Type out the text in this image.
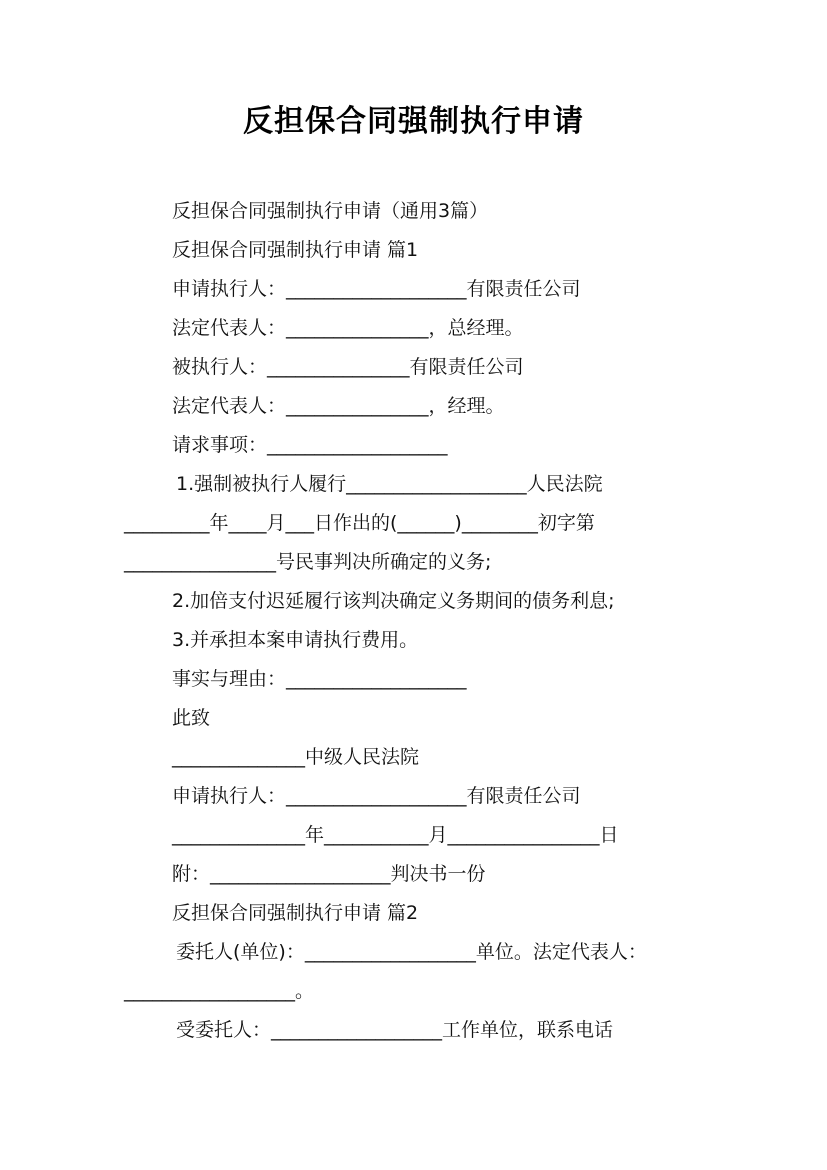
反担保合同强制执行申请
反担保合同强制执行申请（通用3篇）
反担保合同强制执行申请 篇1
申请执行人：___________________有限责任公司
法定代表人：_______________，总经理。
被执行人：_______________有限责任公司
法定代表人：_______________，经理。
请求事项：___________________
1.强制被执行人履行___________________人民法院
_________年____月___日作出的(______)________初字第
________________号民事判决所确定的义务;
2.加倍支付迟延履行该判决确定义务期间的债务利息;
3.并承担本案申请执行费用。
事实与理由：___________________
此致
______________中级人民法院
申请执行人：___________________有限责任公司
______________年___________月________________日
附：___________________判决书一份
反担保合同强制执行申请 篇2
委托人(单位)：__________________单位。法定代表人：
__________________。
受委托人：__________________工作单位，联系电话
